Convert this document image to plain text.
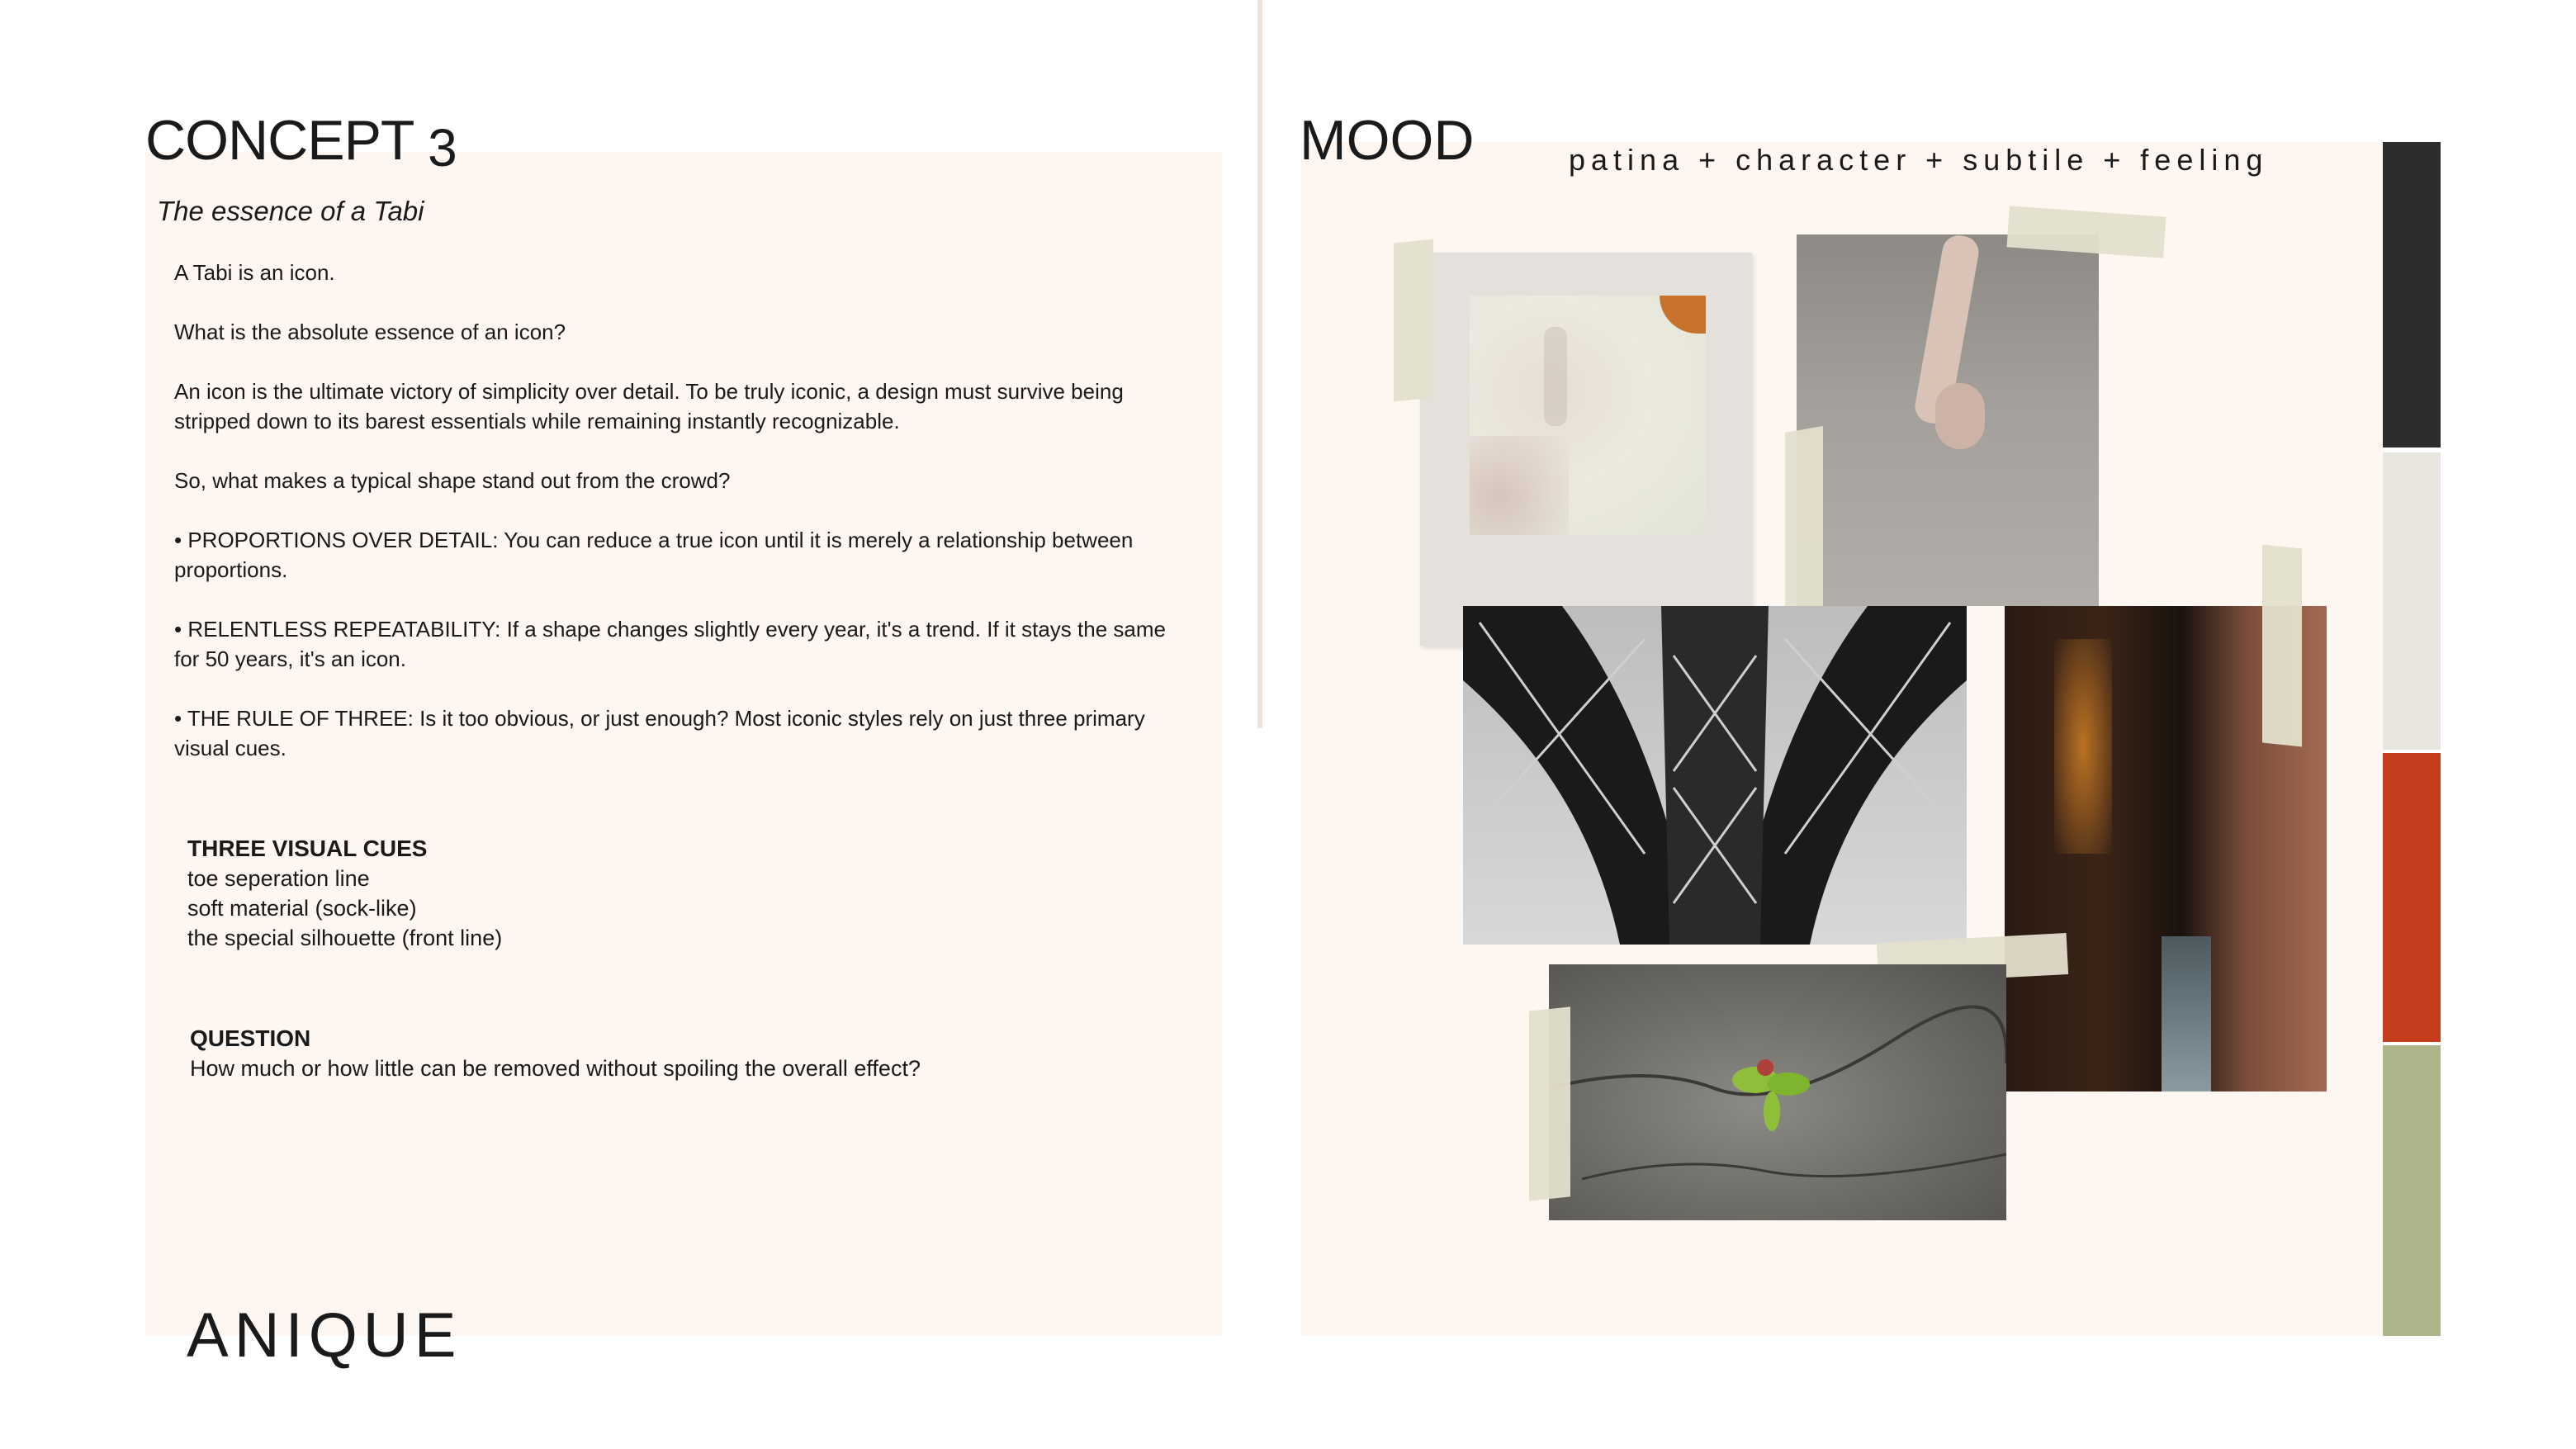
CONCEPT 3
The essence of a Tabi

A Tabi is an icon.

What is the absolute essence of an icon?

An icon is the ultimate victory of simplicity over detail. To be truly iconic, a design must survive being stripped down to its barest essentials while remaining instantly recognizable.

So, what makes a typical shape stand out from the crowd?

• PROPORTIONS OVER DETAIL: You can reduce a true icon until it is merely a relationship between proportions.

• RELENTLESS REPEATABILITY: If a shape changes slightly every year, it's a trend. If it stays the same for 50 years, it's an icon.

• THE RULE OF THREE: Is it too obvious, or just enough? Most iconic styles rely on just three primary visual cues.

THREE VISUAL CUES
toe seperation line
soft material (sock-like)
the special silhouette (front line)
QUESTION
How much or how little can be removed without spoiling the overall effect?
ANIQUE
MOOD	patina + character + subtile + feeling
